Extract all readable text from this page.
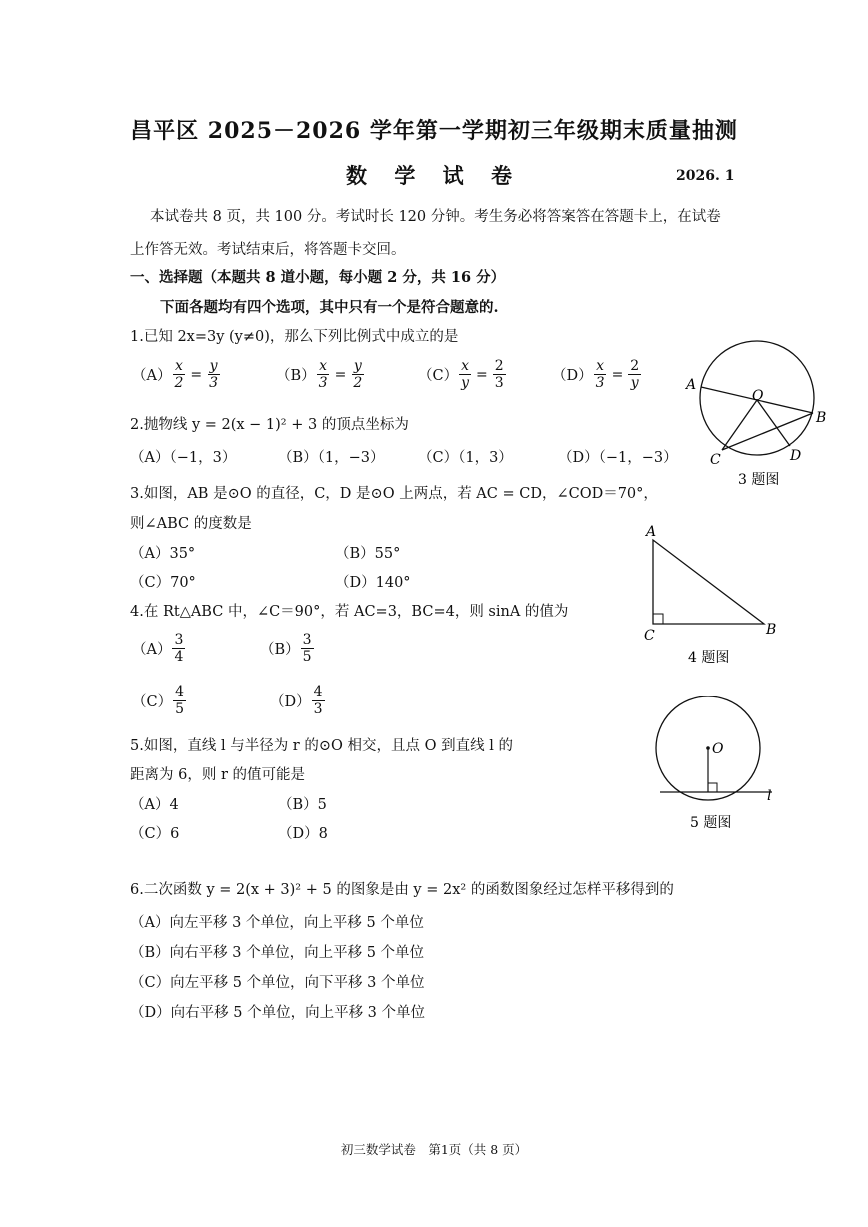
昌平区 2025－2026 学年第一学期初三年级期末质量抽测
数 学 试 卷	2026. 1
本试卷共 8 页，共 100 分。考试时长 120 分钟。考生务必将答案答在答题卡上，在试卷
上作答无效。考试结束后，将答题卡交回。
一、选择题（本题共 8 道小题，每小题 2 分，共 16 分）
下面各题均有四个选项，其中只有一个是符合题意的.
1.已知 2x=3y (y≠0)，那么下列比例式中成立的是
$(A) \frac{x}{2} = \frac{y}{3}$	$(B) \frac{x}{3} = \frac{y}{2}$	$(C) \frac{x}{y} = \frac{2}{3}$	$(D) \frac{x}{3} = \frac{2}{y}$
2.抛物线 y = 2(x − 1)² + 3 的顶点坐标为
（A）（−1，3）	（B）（1，−3） （C）（1，3）	（D）（−1，−3）
3.如图，AB 是⊙O 的直径，C，D 是⊙O 上两点，若 AC = CD，∠COD＝70°，
则∠ABC 的度数是
（A）35°	（B）55°
（C）70°	（D）140°
A
O
B
C	D
3 题图
4.在 Rt△ABC 中，∠C＝90°，若 AC=3，BC=4，则 sinA 的值为
$(A) \frac{3}{4}$	$(B) \frac{3}{5}$
$(C) \frac{4}{5}$	$(D) \frac{4}{3}$
A
C	B
4 题图
5.如图，直线 l 与半径为 r 的⊙O 相交，且点 O 到直线 l 的
距离为 6，则 r 的值可能是
（A）4	（B）5
（C）6	（D）8
O
l
5 题图
6.二次函数 y = 2(x + 3)² + 5 的图象是由 y = 2x² 的函数图象经过怎样平移得到的
（A）向左平移 3 个单位，向上平移 5 个单位
（B）向右平移 3 个单位，向上平移 5 个单位
（C）向左平移 5 个单位，向下平移 3 个单位
（D）向右平移 5 个单位，向上平移 3 个单位
初三数学试卷　第1页（共 8 页）
